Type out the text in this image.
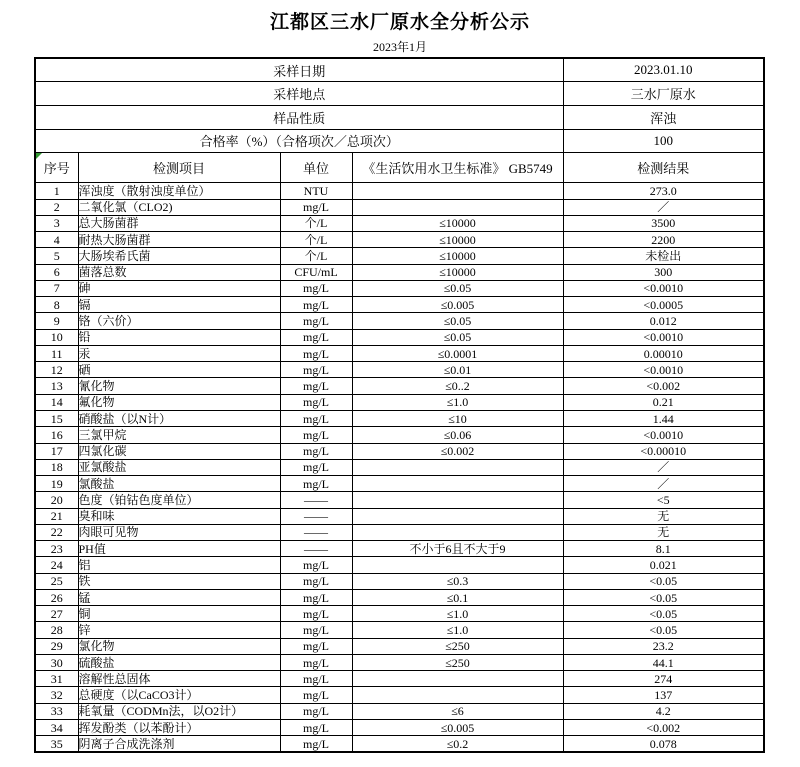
江都区三水厂原水全分析公示
2023年1月
采样日期				2023.01.10
采样地点				三水厂原水
样品性质				浑浊
合格率（%）（合格项次／总项次）				100

序号	检测项目	单位	《生活饮用水卫生标准》 GB5749	检测结果
1	浑浊度（散射浊度单位）	NTU		273.0
2	二氧化氯（CLO2)	mg/L		／
3	总大肠菌群	个/L	≤10000	3500
4	耐热大肠菌群	个/L	≤10000	2200
5	大肠埃希氏菌	个/L	≤10000	未检出
6	菌落总数	CFU/mL	≤10000	300
7	砷	mg/L	≤0.05	<0.0010
8	镉	mg/L	≤0.005	<0.0005
9	铬（六价）	mg/L	≤0.05	0.012
10	铅	mg/L	≤0.05	<0.0010
11	汞	mg/L	≤0.0001	0.00010
12	硒	mg/L	≤0.01	<0.0010
13	氰化物	mg/L	≤0..2	<0.002
14	氟化物	mg/L	≤1.0	0.21
15	硝酸盐（以N计）	mg/L	≤10	1.44
16	三氯甲烷	mg/L	≤0.06	<0.0010
17	四氯化碳	mg/L	≤0.002	<0.00010
18	亚氯酸盐	mg/L		／
19	氯酸盐	mg/L		／
20	色度（铂钴色度单位）	——		<5
21	臭和味	——		无
22	肉眼可见物	——		无
23	PH值	——	不小于6且不大于9	8.1
24	铝	mg/L		0.021
25	铁	mg/L	≤0.3	<0.05
26	锰	mg/L	≤0.1	<0.05
27	铜	mg/L	≤1.0	<0.05
28	锌	mg/L	≤1.0	<0.05
29	氯化物	mg/L	≤250	23.2
30	硫酸盐	mg/L	≤250	44.1
31	溶解性总固体	mg/L		274
32	总硬度（以CaCO3计）	mg/L		137
33	耗氧量（CODMn法，以O2计）	mg/L	≤6	4.2
34	挥发酚类（以苯酚计）	mg/L	≤0.005	<0.002
35	阴离子合成洗涤剂	mg/L	≤0.2	0.078
